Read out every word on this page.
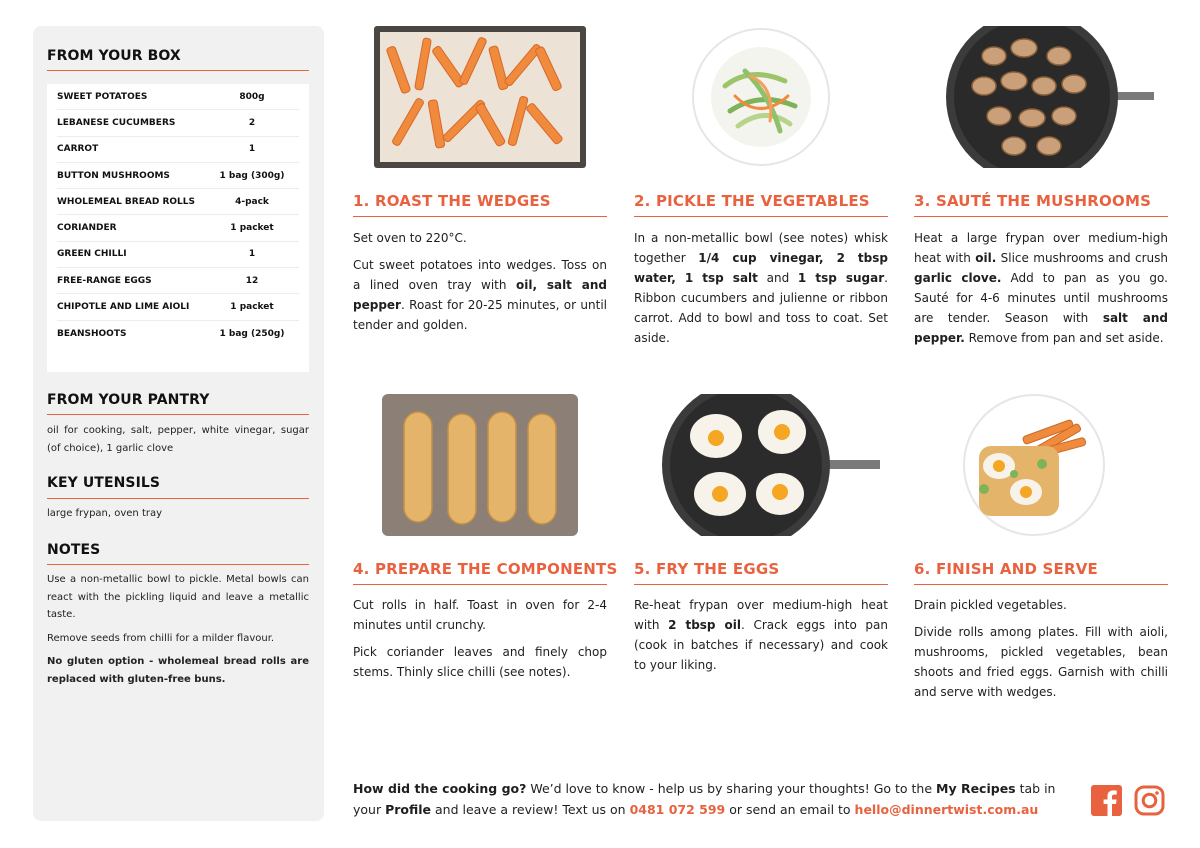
FROM YOUR BOX
SWEET POTATOES	800g
LEBANESE CUCUMBERS	2
CARROT	1
BUTTON MUSHROOMS	1 bag (300g)
WHOLEMEAL BREAD ROLLS	4-pack
CORIANDER	1 packet
GREEN CHILLI	1
FREE-RANGE EGGS	12
CHIPOTLE AND LIME AIOLI	1 packet
BEANSHOOTS	1 bag (250g)
FROM YOUR PANTRY
oil for cooking, salt, pepper, white vinegar, sugar (of choice), 1 garlic clove
KEY UTENSILS
large frypan, oven tray
NOTES

Use a non-metallic bowl to pickle. Metal bowls can react with the pickling liquid and leave a metallic taste.

Remove seeds from chilli for a milder flavour.

No gluten option - wholemeal bread rolls are replaced with gluten-free buns.

1. ROAST THE WEDGES

Set oven to 220°C.

Cut sweet potatoes into wedges. Toss on a lined oven tray with oil, salt and pepper. Roast for 20-25 minutes, or until tender and golden.

2. PICKLE THE VEGETABLES

In a non-metallic bowl (see notes) whisk together 1/4 cup vinegar, 2 tbsp water, 1 tsp salt and 1 tsp sugar. Ribbon cucumbers and julienne or ribbon carrot. Add to bowl and toss to coat. Set aside.

3. SAUTÉ THE MUSHROOMS

Heat a large frypan over medium-high heat with oil. Slice mushrooms and crush garlic clove. Add to pan as you go. Sauté for 4-6 minutes until mushrooms are tender. Season with salt and pepper. Remove from pan and set aside.

4. PREPARE THE COMPONENTS

Cut rolls in half. Toast in oven for 2-4 minutes until crunchy.

Pick coriander leaves and finely chop stems. Thinly slice chilli (see notes).

5. FRY THE EGGS

Re-heat frypan over medium-high heat with 2 tbsp oil. Crack eggs into pan (cook in batches if necessary) and cook to your liking.

6. FINISH AND SERVE

Drain pickled vegetables.

Divide rolls among plates. Fill with aioli, mushrooms, pickled vegetables, bean shoots and fried eggs. Garnish with chilli and serve with wedges.

How did the cooking go? We’d love to know - help us by sharing your thoughts! Go to the My Recipes tab in your Profile and leave a review! Text us on 0481 072 599 or send an email to hello@dinnertwist.com.au
